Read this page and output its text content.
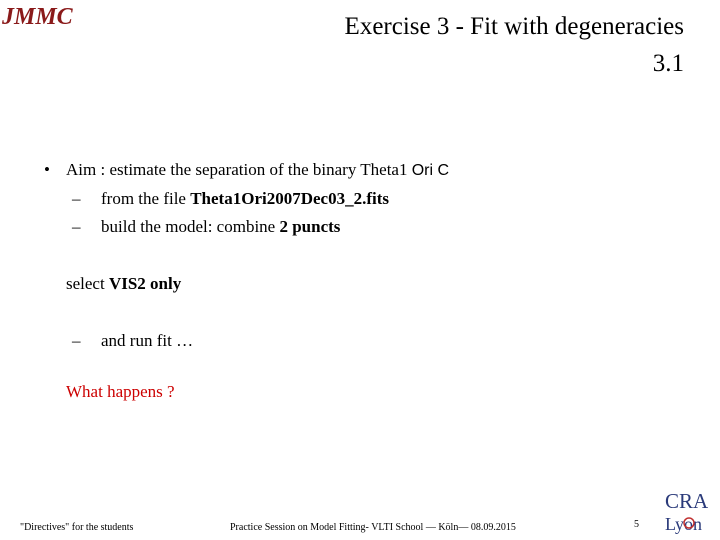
JMMC	Exercise 3 - Fit with degeneracies
3.1
• Aim : estimate the separation of the binary Theta1 Ori C
–	from the file Theta1Ori2007Dec03_2.fits
–	build the model: combine 2 puncts
select VIS2 only
–	and run fit …
What happens ?
"Directives" for the students	Practice Session on Model Fitting- VLTI School — Köln— 08.09.2015	5
CRA
Lyon
